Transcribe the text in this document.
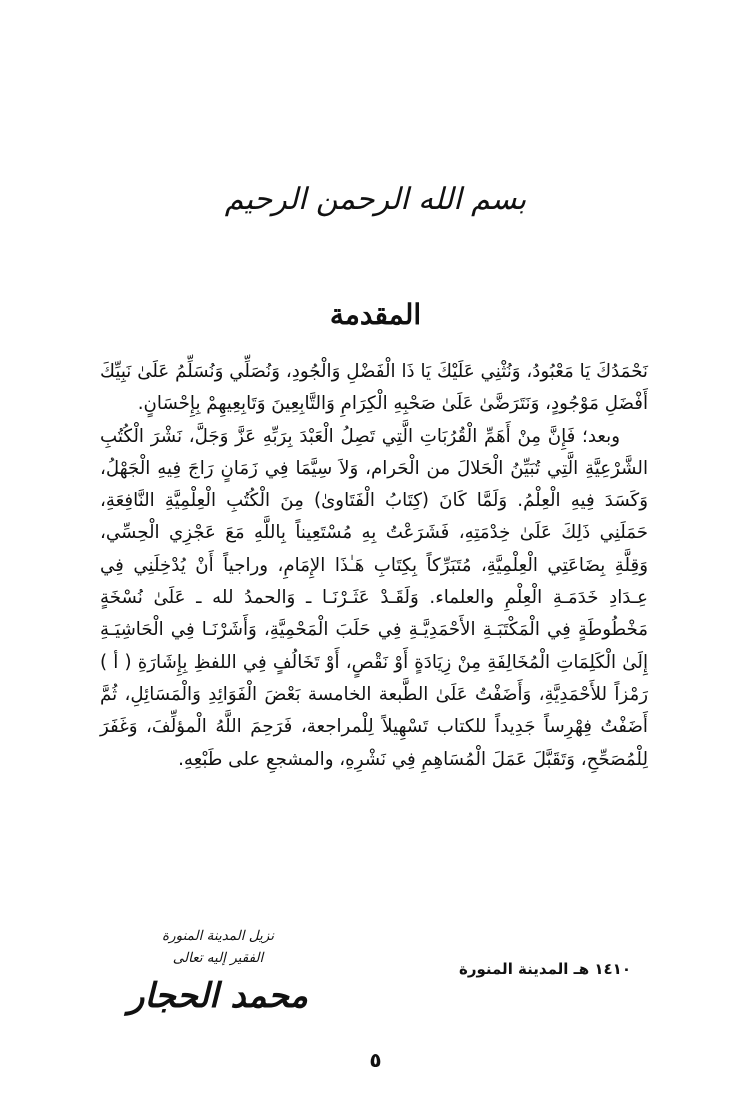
بسم الله الرحمن الرحيم
المقدمة

نَحْمَدُكَ يَا مَعْبُودُ، وَنُثْنِي عَلَيْكَ يَا ذَا الْفَضْلِ وَالْجُودِ، وَنُصَلِّي وَنُسَلِّمُ عَلَىٰ نَبِيِّكَ أَفْضَلِ مَوْجُودٍ، وَنَتَرَضَّىٰ عَلَىٰ صَحْبِهِ الْكِرَامِ وَالتَّابِعِينَ وَتَابِعِيهِمْ بِإِحْسَانٍ.

وبعد؛ فَإِنَّ مِنْ أَهَمِّ الْقُرُبَاتِ الَّتِي تَصِلُ الْعَبْدَ بِرَبِّهِ عَزَّ وَجَلَّ، نَشْرَ الْكُتُبِ الشَّرْعِيَّةِ الَّتِي تُبَيِّنُ الْحَلالَ من الْحَرام، وَلاَ سِيَّمَا فِي زَمَانٍ رَاجَ فِيهِ الْجَهْلُ، وَكَسَدَ فِيهِ الْعِلْمُ. وَلَمَّا كَانَ (كِتَابُ الْفَتَاوىٰ) مِنَ الْكُتُبِ الْعِلْمِيَّةِ النَّافِعَةِ، حَمَلَنِي ذَلِكَ عَلَىٰ خِدْمَتِهِ، فَشَرَعْتُ بِهِ مُسْتَعِيناً بِاللَّهِ مَعَ عَجْزِي الْحِسِّي، وَقِلَّةِ بِضَاعَتِي الْعِلْمِيَّةِ، مُتَبَرِّكاً بِكِتَابِ هَـٰذَا الإِمَامِ، وراجياً أَنْ يُدْخِلَنِي فِي عِـدَادِ خَدَمَـةِ الْعِلْمِ والعلماء. وَلَقَـدْ عَثَـرْنَـا ـ وَالحمدُ لله ـ عَلَىٰ نُسْخَةٍ مَخْطُوطَةٍ فِي الْمَكْتَبَـةِ الأَحْمَدِيَّـةِ فِي حَلَبَ الْمَحْمِيَّةِ، وَأَشَرْنَـا فِي الْحَاشِيَـةِ إِلَىٰ الْكَلِمَاتِ الْمُخَالِفَةِ مِنْ زِيَادَةٍ أَوْ نَقْصٍ، أَوْ تَخَالُفٍ فِي اللفظِ بِإِشَارَةِ ( أ ) رَمْزاً للأَحْمَدِيَّةِ، وَأَضَفْتُ عَلَىٰ الطَّبعة الخامسة بَعْضَ الْفَوَائِدِ وَالْمَسَائِلِ، ثُمَّ أَضَفْتُ فِهْرِساً جَدِيداً للكتاب تَسْهِيلاً لِلْمراجعة، فَرَحِمَ اللَّهُ الْمؤلِّفَ، وَغَفَرَ لِلْمُصَحِّحِ، وَتَقَبَّلَ عَمَلَ الْمُسَاهِمِ فِي نَشْرِهِ، والمشجعِ على طَبْعِهِ.

نزيل المدينة المنورة
الفقير إليه تعالى
محمد الحجار
١٤١٠ هـ المدينة المنورة
٥
